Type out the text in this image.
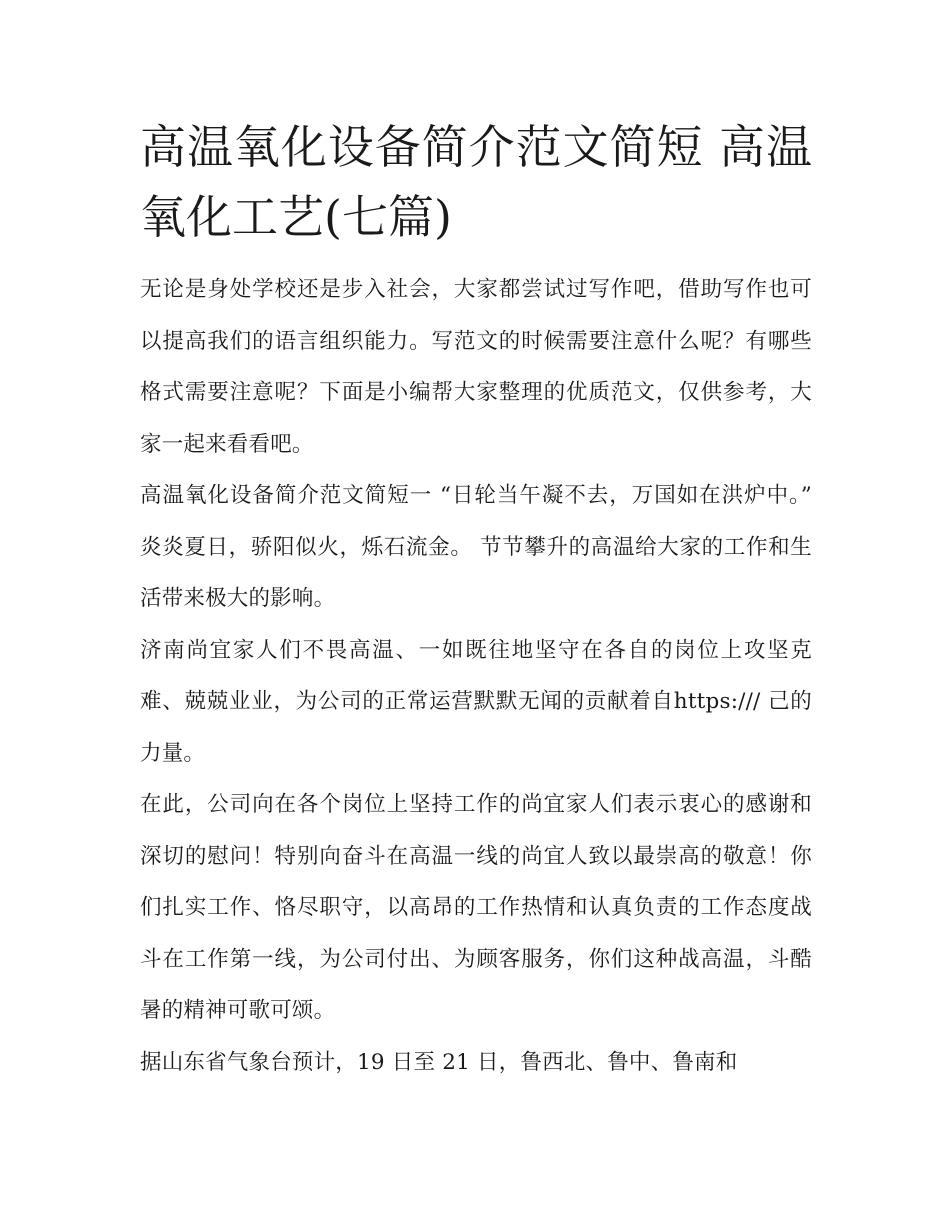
高温氧化设备简介范文简短 高温氧化工艺(七篇)

无论是身处学校还是步入社会，大家都尝试过写作吧，借助写作也可以提高我们的语言组织能力。写范文的时候需要注意什么呢？有哪些格式需要注意呢？下面是小编帮大家整理的优质范文，仅供参考，大家一起来看看吧。

高温氧化设备简介范文简短一 “日轮当午凝不去，万国如在洪炉中。” 炎炎夏日，骄阳似火，烁石流金。 节节攀升的高温给大家的工作和生活带来极大的影响。

济南尚宜家人们不畏高温、一如既往地坚守在各自的岗位上攻坚克难、兢兢业业，为公司的正常运营默默无闻的贡献着自https:/// 己的力量。

在此，公司向在各个岗位上坚持工作的尚宜家人们表示衷心的感谢和深切的慰问！特别向奋斗在高温一线的尚宜人致以最崇高的敬意！你们扎实工作、恪尽职守，以高昂的工作热情和认真负责的工作态度战斗在工作第一线，为公司付出、为顾客服务，你们这种战高温，斗酷暑的精神可歌可颂。

据山东省气象台预计，19 日至 21 日，鲁西北、鲁中、鲁南和
